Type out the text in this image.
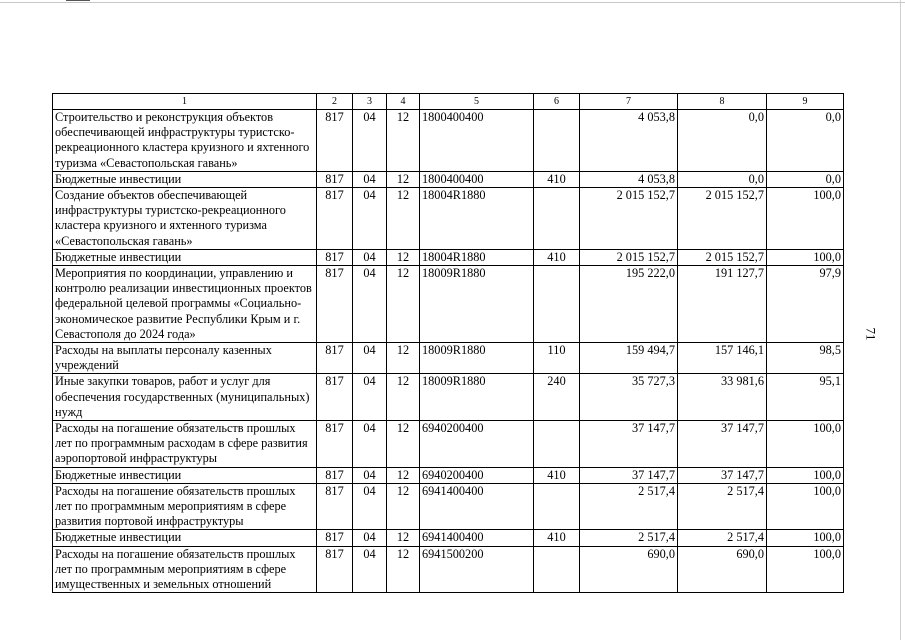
71
1	2	3	4	5	6	7	8	9
Строительство и реконструкция объектов обеспечивающей инфраструктуры туристско-рекреационного кластера круизного и яхтенного туризма «Севастопольская гавань»	817	04	12	1800400400		4 053,8	0,0	0,0
Бюджетные инвестиции	817	04	12	1800400400	410	4 053,8	0,0	0,0
Создание объектов обеспечивающей инфраструктуры туристско-рекреационного кластера круизного и яхтенного туризма «Севастопольская гавань»	817	04	12	18004R1880		2 015 152,7	2 015 152,7	100,0
Бюджетные инвестиции	817	04	12	18004R1880	410	2 015 152,7	2 015 152,7	100,0
Мероприятия по координации, управлению и контролю реализации инвестиционных проектов федеральной целевой программы «Социально-экономическое развитие Республики Крым и г. Севастополя до 2024 года»	817	04	12	18009R1880		195 222,0	191 127,7	97,9
Расходы на выплаты персоналу казенных учреждений	817	04	12	18009R1880	110	159 494,7	157 146,1	98,5
Иные закупки товаров, работ и услуг для обеспечения государственных (муниципальных) нужд	817	04	12	18009R1880	240	35 727,3	33 981,6	95,1
Расходы на погашение обязательств прошлых лет по программным расходам в сфере развития аэропортовой инфраструктуры	817	04	12	6940200400		37 147,7	37 147,7	100,0
Бюджетные инвестиции	817	04	12	6940200400	410	37 147,7	37 147,7	100,0
Расходы на погашение обязательств прошлых лет по программным мероприятиям в сфере развития портовой инфраструктуры	817	04	12	6941400400		2 517,4	2 517,4	100,0
Бюджетные инвестиции	817	04	12	6941400400	410	2 517,4	2 517,4	100,0
Расходы на погашение обязательств прошлых лет по программным мероприятиям в сфере имущественных и земельных отношений	817	04	12	6941500200		690,0	690,0	100,0
